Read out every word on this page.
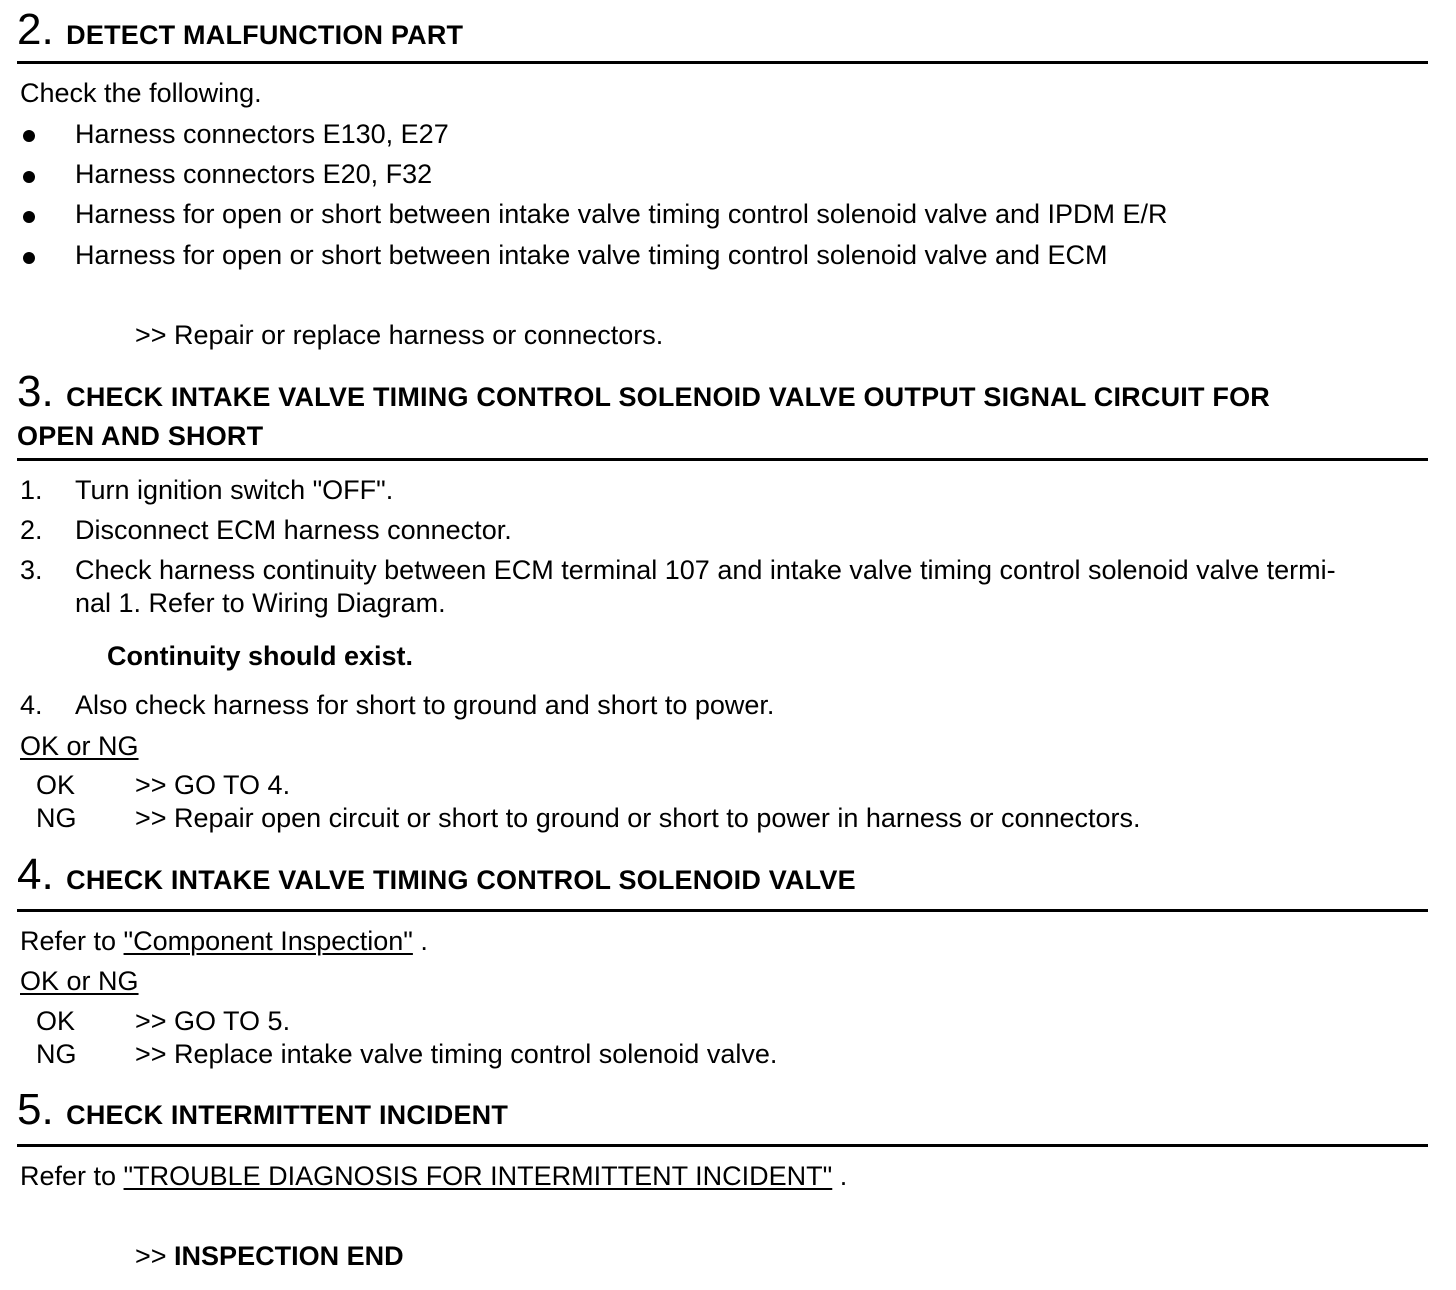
2. DETECT MALFUNCTION PART
Check the following.
Harness connectors E130, E27
Harness connectors E20, F32
Harness for open or short between intake valve timing control solenoid valve and IPDM E/R
Harness for open or short between intake valve timing control solenoid valve and ECM
>> Repair or replace harness or connectors.
3. CHECK INTAKE VALVE TIMING CONTROL SOLENOID VALVE OUTPUT SIGNAL CIRCUIT FOR
OPEN AND SHORT
1. Turn ignition switch "OFF".
2. Disconnect ECM harness connector.
3. Check harness continuity between ECM terminal 107 and intake valve timing control solenoid valve termi-
nal 1. Refer to Wiring Diagram.
Continuity should exist.
4. Also check harness for short to ground and short to power.
OK or NG
OK >> GO TO 4.
NG >> Repair open circuit or short to ground or short to power in harness or connectors.
4. CHECK INTAKE VALVE TIMING CONTROL SOLENOID VALVE
Refer to "Component Inspection" .
OK or NG
OK >> GO TO 5.
NG >> Replace intake valve timing control solenoid valve.
5. CHECK INTERMITTENT INCIDENT
Refer to "TROUBLE DIAGNOSIS FOR INTERMITTENT INCIDENT" .
>> INSPECTION END
